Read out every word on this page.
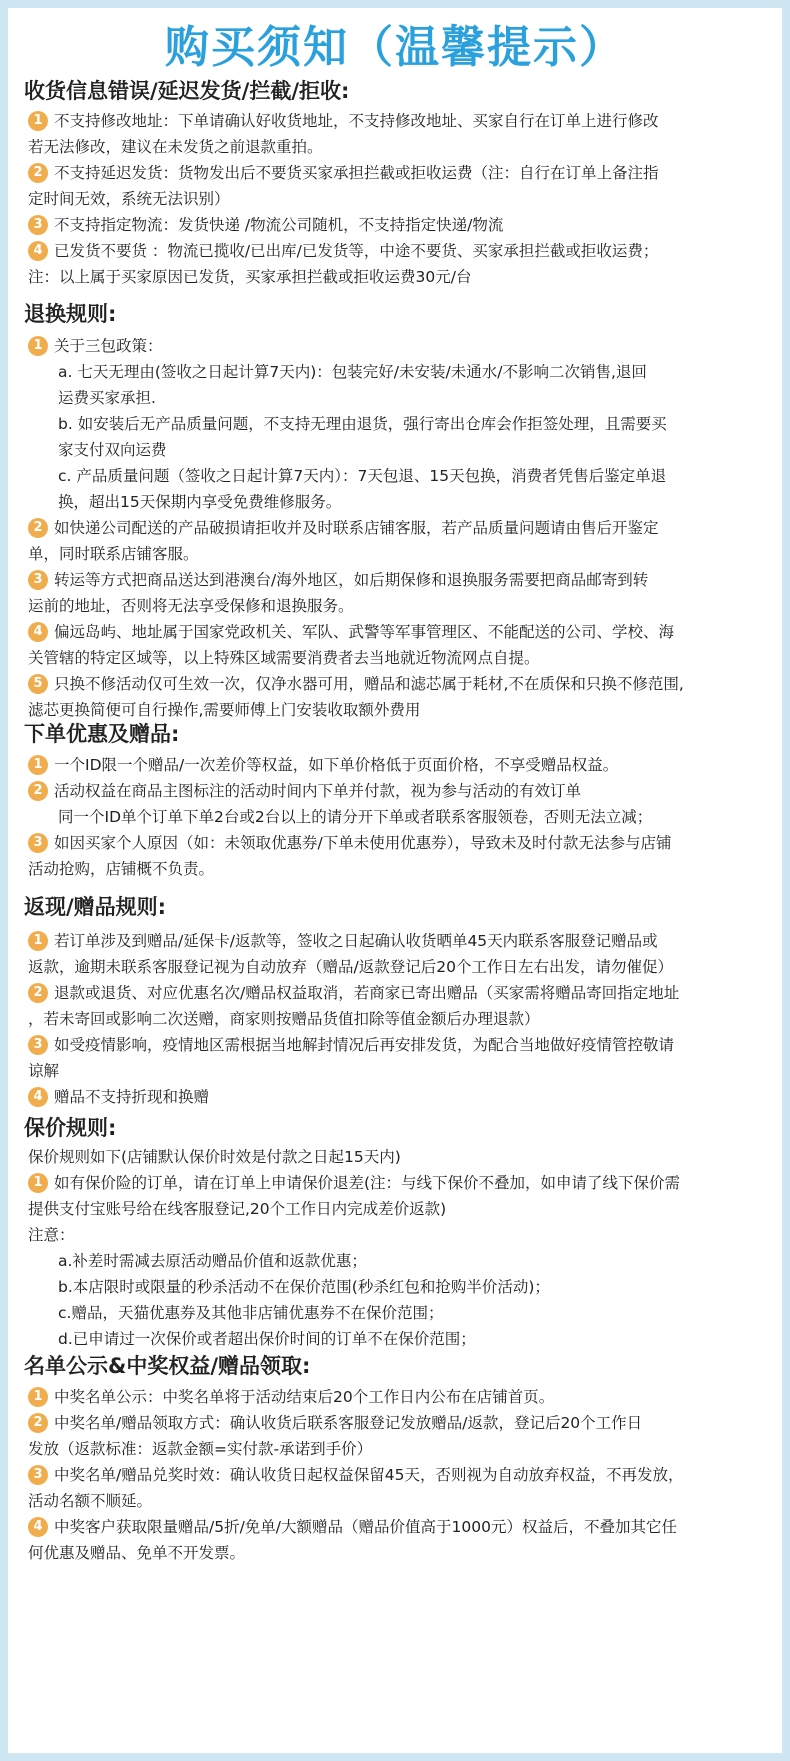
购买须知（温馨提示）
收货信息错误/延迟发货/拦截/拒收:
1 不支持修改地址：下单请确认好收货地址，不支持修改地址、买家自行在订单上进行修改
若无法修改，建议在未发货之前退款重拍。
2 不支持延迟发货：货物发出后不要货买家承担拦截或拒收运费（注：自行在订单上备注指
定时间无效，系统无法识别）
3 不支持指定物流：发货快递 /物流公司随机，不支持指定快递/物流
4 已发货不要货 ：物流已揽收/已出库/已发货等，中途不要货、买家承担拦截或拒收运费；
注：以上属于买家原因已发货，买家承担拦截或拒收运费30元/台
退换规则:
1 关于三包政策：
a. 七天无理由(签收之日起计算7天内)：包装完好/未安装/未通水/不影响二次销售,退回
运费买家承担.
b. 如安装后无产品质量问题，不支持无理由退货，强行寄出仓库会作拒签处理，且需要买
家支付双向运费
c. 产品质量问题（签收之日起计算7天内）：7天包退、15天包换，消费者凭售后鉴定单退
换，超出15天保期内享受免费维修服务。
2 如快递公司配送的产品破损请拒收并及时联系店铺客服，若产品质量问题请由售后开鉴定
单，同时联系店铺客服。
3 转运等方式把商品送达到港澳台/海外地区，如后期保修和退换服务需要把商品邮寄到转
运前的地址，否则将无法享受保修和退换服务。
4 偏远岛屿、地址属于国家党政机关、军队、武警等军事管理区、不能配送的公司、学校、海
关管辖的特定区域等，以上特殊区域需要消费者去当地就近物流网点自提。
5 只换不修活动仅可生效一次，仅净水器可用，赠品和滤芯属于耗材,不在质保和只换不修范围,
滤芯更换简便可自行操作,需要师傅上门安装收取额外费用
下单优惠及赠品:
1 一个ID限一个赠品/一次差价等权益，如下单价格低于页面价格，不享受赠品权益。
2 活动权益在商品主图标注的活动时间内下单并付款，视为参与活动的有效订单
同一个ID单个订单下单2台或2台以上的请分开下单或者联系客服领卷，否则无法立减；
3 如因买家个人原因（如：未领取优惠券/下单未使用优惠券），导致未及时付款无法参与店铺
活动抢购，店铺概不负责。
返现/赠品规则:
1 若订单涉及到赠品/延保卡/返款等，签收之日起确认收货晒单45天内联系客服登记赠品或
返款，逾期未联系客服登记视为自动放弃（赠品/返款登记后20个工作日左右出发，请勿催促）
2 退款或退货、对应优惠名次/赠品权益取消，若商家已寄出赠品（买家需将赠品寄回指定地址
，若未寄回或影响二次送赠，商家则按赠品货值扣除等值金额后办理退款）
3 如受疫情影响，疫情地区需根据当地解封情况后再安排发货，为配合当地做好疫情管控敬请
谅解
4 赠品不支持折现和换赠
保价规则:
保价规则如下(店铺默认保价时效是付款之日起15天内)
1 如有保价险的订单，请在订单上申请保价退差(注：与线下保价不叠加，如申请了线下保价需
提供支付宝账号给在线客服登记,20个工作日内完成差价返款)
注意：
a.补差时需减去原活动赠品价值和返款优惠；
b.本店限时或限量的秒杀活动不在保价范围(秒杀红包和抢购半价活动)；
c.赠品，天猫优惠券及其他非店铺优惠券不在保价范围；
d.已申请过一次保价或者超出保价时间的订单不在保价范围；
名单公示&中奖权益/赠品领取:
1 中奖名单公示：中奖名单将于活动结束后20个工作日内公布在店铺首页。
2 中奖名单/赠品领取方式：确认收货后联系客服登记发放赠品/返款，登记后20个工作日
发放（返款标准：返款金额=实付款-承诺到手价）
3 中奖名单/赠品兑奖时效：确认收货日起权益保留45天，否则视为自动放弃权益，不再发放，
活动名额不顺延。
4 中奖客户获取限量赠品/5折/免单/大额赠品（赠品价值高于1000元）权益后，不叠加其它任
何优惠及赠品、免单不开发票。
